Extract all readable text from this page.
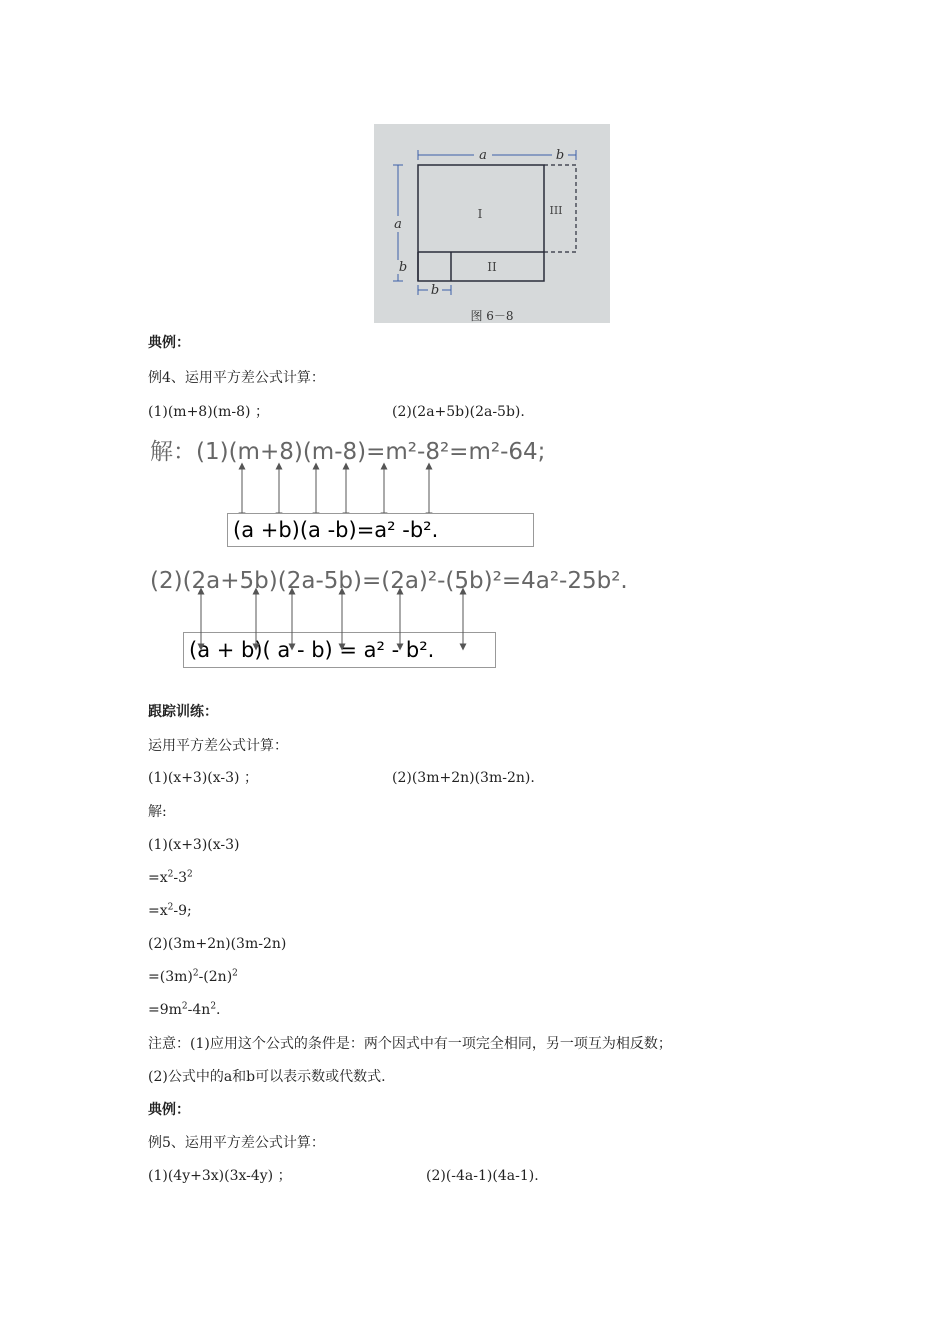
a	b
a
b
b
I
II
III
图 6－8
典例：
例4、运用平方差公式计算：
(1)(m+8)(m-8) ；	(2)(2a+5b)(2a-5b).
解：(1)(m+8)(m-8)=m²-8²=m²-64;
(a +b)(a -b)=a² -b².
(2)(2a+5b)(2a-5b)=(2a)²-(5b)²=4a²-25b².
(a + b)( a - b) = a² - b².
跟踪训练：
运用平方差公式计算：
(1)(x+3)(x-3) ；	(2)(3m+2n)(3m-2n).
解:
(1)(x+3)(x-3)
$=x^2-3^2$
$=x^2-9$;
(2)(3m+2n)(3m-2n)
$=(3m)^2-(2n)^2$
$=9m^2-4n^2$.
注意：(1)应用这个公式的条件是：两个因式中有一项完全相同，另一项互为相反数；
(2)公式中的a和b可以表示数或代数式.
典例：
例5、运用平方差公式计算：
(1)(4y+3x)(3x-4y) ；	(2)(-4a-1)(4a-1).
